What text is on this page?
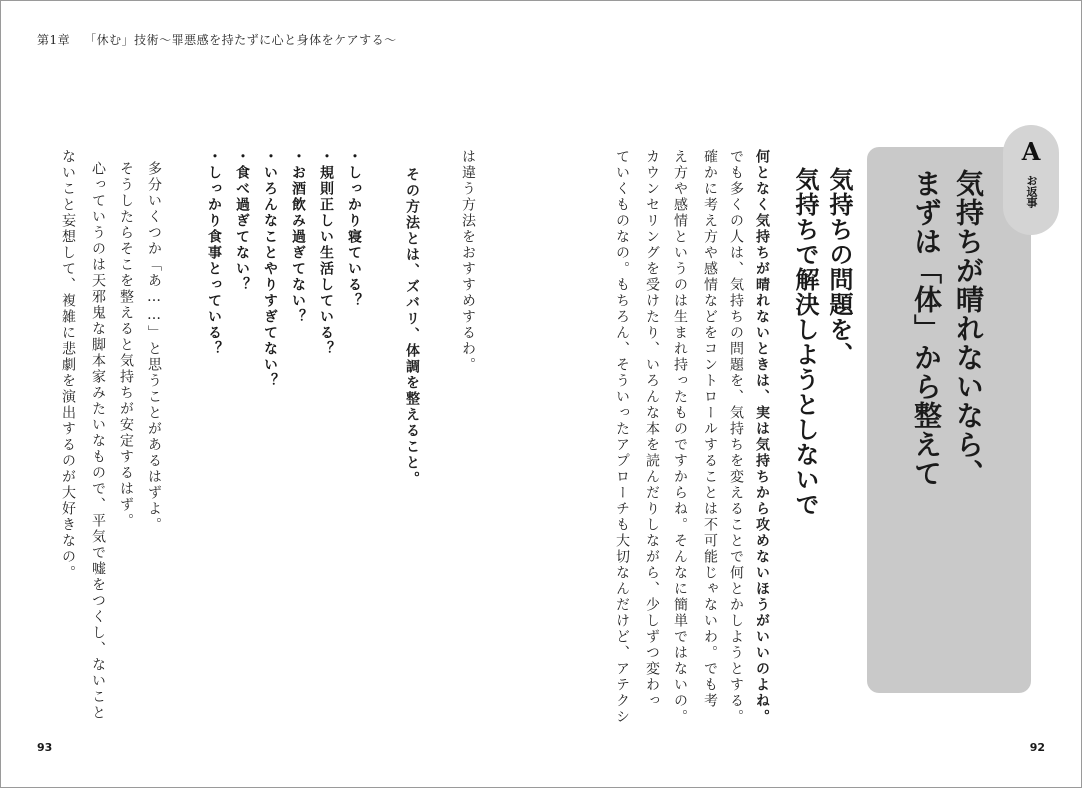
第1章 「休む」技術〜罪悪感を持たずに心と身体をケアする〜
93	92
A
お返事
気持ちが晴れないなら、
まずは「体」から整えて
気持ちの問題を、
気持ちで解決しようとしないで
何となく気持ちが晴れないときは、実は気持ちから攻めないほうがいいのよね。
でも多くの人は、気持ちの問題を、気持ちを変えることで何とかしようとする。
確かに考え方や感情などをコントロールすることは不可能じゃないわ。でも考
え方や感情というのは生まれ持ったものですからね。そんなに簡単ではないの。
カウンセリングを受けたり、いろんな本を読んだりしながら、少しずつ変わっ
ていくものなの。もちろん、そういったアプローチも大切なんだけど、アテクシ
は違う方法をおすすめするわ。
その方法とは、ズバリ、体調を整えること。
・しっかり寝ている？
・規則正しい生活している？
・お酒飲み過ぎてない？
・いろんなことやりすぎてない？
・食べ過ぎてない？
・しっかり食事とっている？
多分いくつか「あ……」と思うことがあるはずよ。
そうしたらそこを整えると気持ちが安定するはず。
心っていうのは天邪鬼な脚本家みたいなもので、平気で嘘をつくし、ないこと
ないこと妄想して、複雑に悲劇を演出するのが大好きなの。
